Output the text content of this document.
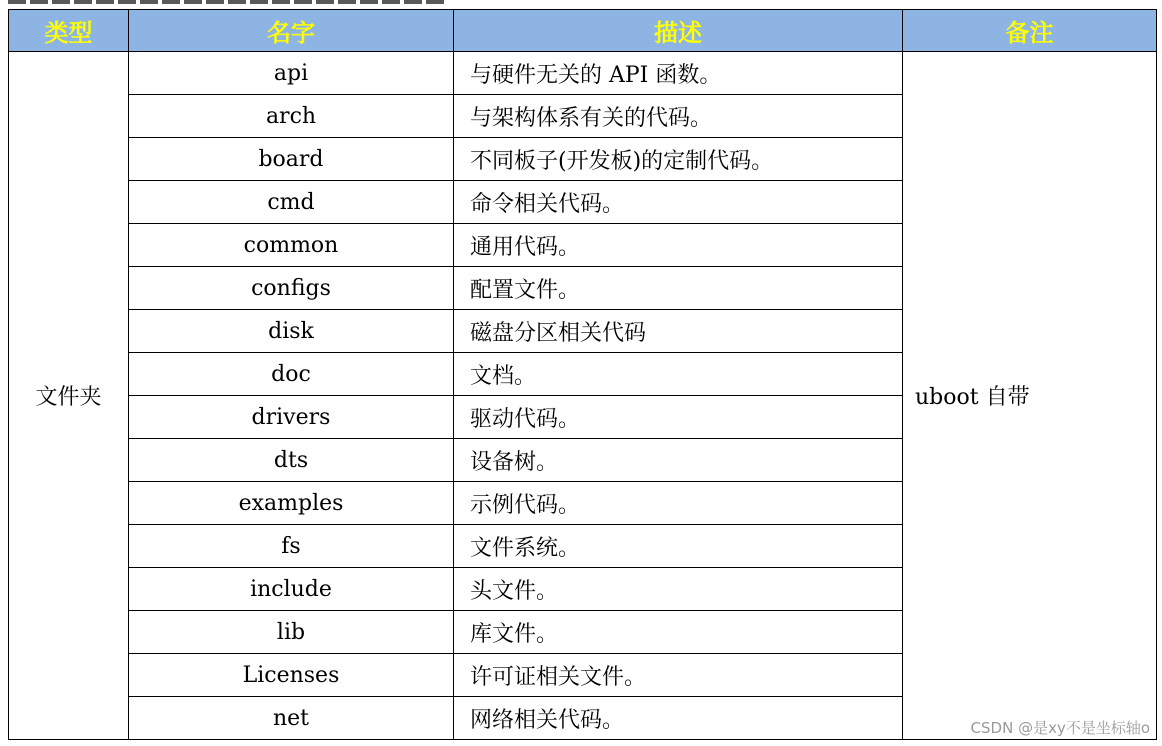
类型	名字	描述	备注
文件夹	api	与硬件无关的 API 函数。	uboot 自带
	arch	与架构体系有关的代码。	
	board	不同板子(开发板)的定制代码。	
	cmd	命令相关代码。	
	common	通用代码。	
	configs	配置文件。	
	disk	磁盘分区相关代码	
	doc	文档。	
	drivers	驱动代码。	
	dts	设备树。	
	examples	示例代码。	
	fs	文件系统。	
	include	头文件。	
	lib	库文件。	
	Licenses	许可证相关文件。	
	net	网络相关代码。		CSDN @是xy不是坐标轴o
